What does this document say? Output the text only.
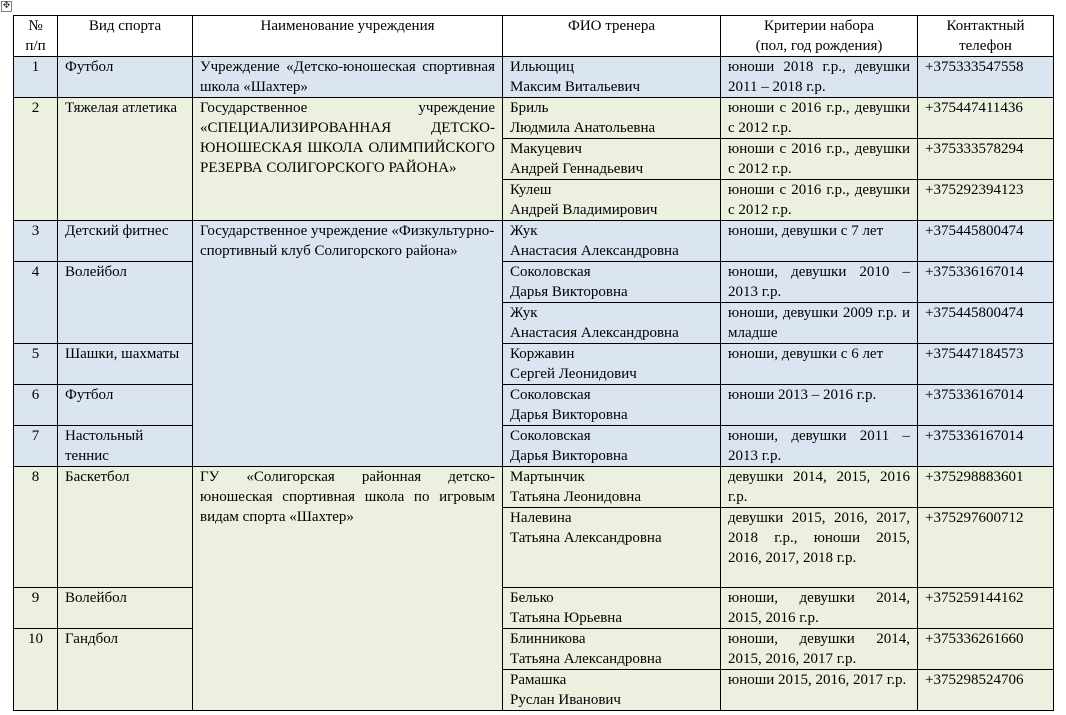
✥
№ п/п	Вид спорта	Наименование учреждения	ФИО тренера	Критерии набора
(пол, год рождения)	Контактный
телефон
1	Футбол	Учреждение «Детско-юношеская спортивная школа «Шахтер»	Ильющиц
Максим Витальевич	юноши 2018 г.р., девушки 2011 – 2018 г.р.	+375333547558
2	Тяжелая атлетика	Государственное учреждение «СПЕЦИАЛИЗИРОВАННАЯ ДЕТСКО-ЮНОШЕСКАЯ ШКОЛА ОЛИМПИЙСКОГО РЕЗЕРВА СОЛИГОРСКОГО РАЙОНА»	Бриль
Людмила Анатольевна	юноши с 2016 г.р., девушки с 2012 г.р.	+375447411436
			Макуцевич
Андрей Геннадьевич	юноши с 2016 г.р., девушки с 2012 г.р.	+375333578294
			Кулеш
Андрей Владимирович	юноши с 2016 г.р., девушки с 2012 г.р.	+375292394123
3	Детский фитнес	Государственное учреждение «Физкультурно-спортивный клуб Солигорского района»	Жук
Анастасия Александровна	юноши, девушки с 7 лет	+375445800474
4	Волейбол		Соколовская
Дарья Викторовна	юноши, девушки 2010 – 2013 г.р.	+375336167014
			Жук
Анастасия Александровна	юноши, девушки 2009 г.р. и младше	+375445800474
5	Шашки, шахматы		Коржавин
Сергей Леонидович	юноши, девушки с 6 лет	+375447184573
6	Футбол		Соколовская
Дарья Викторовна	юноши 2013 – 2016 г.р.	+375336167014
7	Настольный теннис		Соколовская
Дарья Викторовна	юноши, девушки 2011 – 2013 г.р.	+375336167014
8	Баскетбол	ГУ «Солигорская районная детско-юношеская спортивная школа по игровым видам спорта «Шахтер»	Мартынчик
Татьяна Леонидовна	девушки 2014, 2015, 2016 г.р.	+375298883601
			Налевина
Татьяна Александровна	девушки 2015, 2016, 2017, 2018 г.р., юноши 2015, 2016, 2017, 2018 г.р.	+375297600712
9	Волейбол		Белько
Татьяна Юрьевна	юноши, девушки 2014, 2015, 2016 г.р.	+375259144162
10	Гандбол		Блинникова
Татьяна Александровна	юноши, девушки 2014, 2015, 2016, 2017 г.р.	+375336261660
			Рамашка
Руслан Иванович	юноши 2015, 2016, 2017 г.р.	+375298524706
